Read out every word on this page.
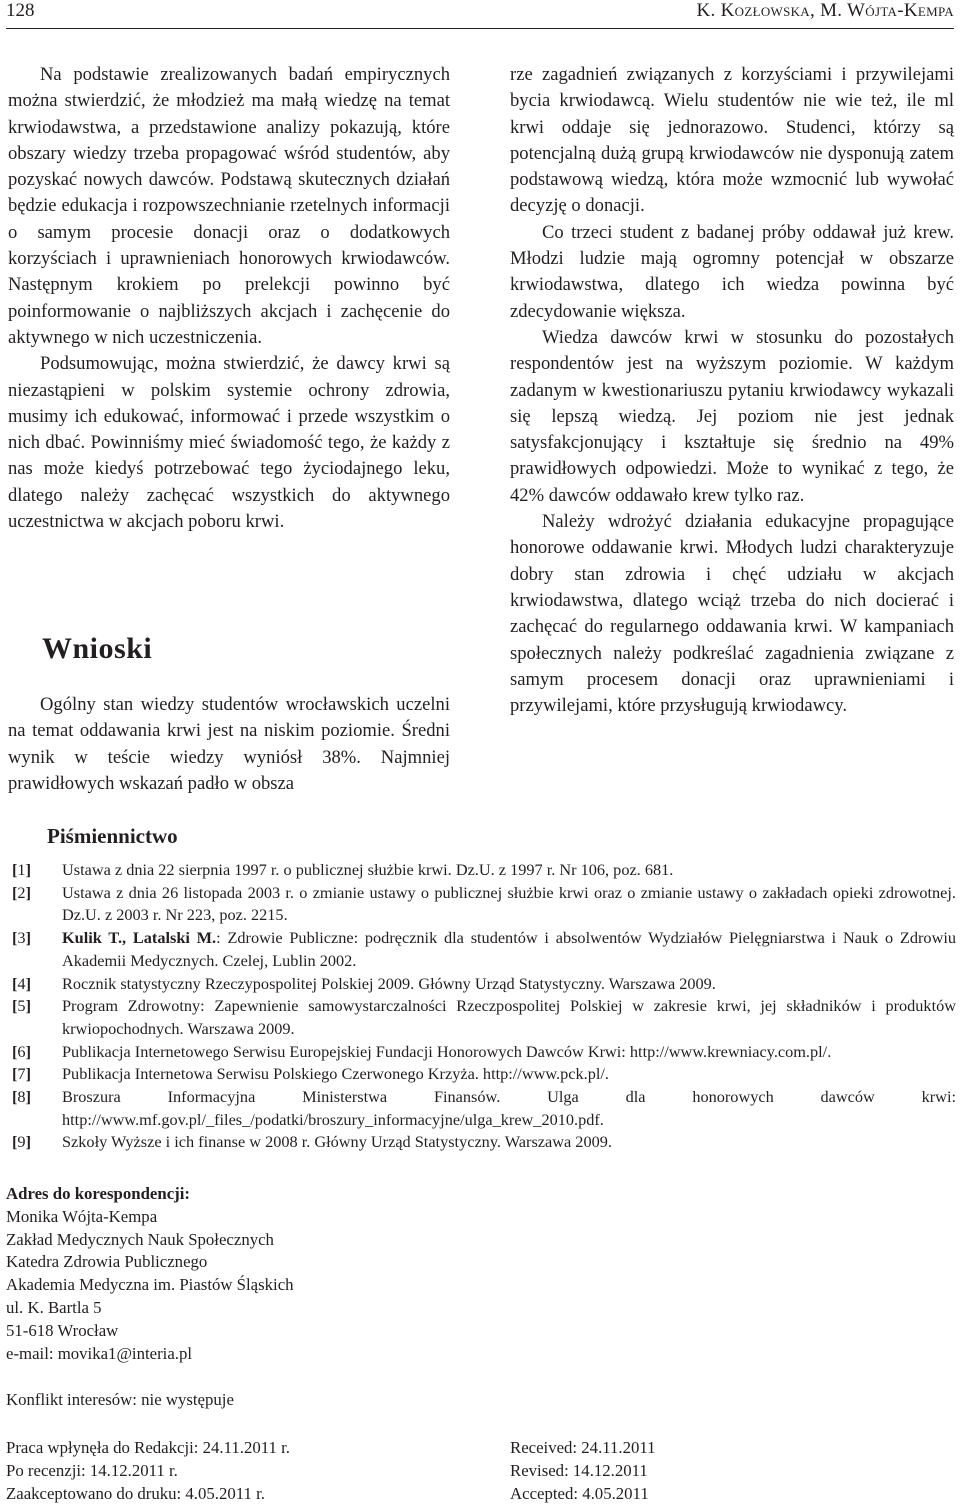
128	K. Kozłowska, M. Wójta-Kempa

Na podstawie zrealizowanych badań empirycznych można stwierdzić, że młodzież ma małą wiedzę na temat krwiodawstwa, a przedstawione analizy pokazują, które obszary wiedzy trzeba propagować wśród studentów, aby pozyskać nowych dawców. Podstawą skutecznych działań będzie edukacja i rozpowszechnianie rzetelnych informacji o samym procesie donacji oraz o dodatkowych korzyściach i uprawnieniach honorowych krwiodawców. Następnym krokiem po prelekcji powinno być poinformowanie o najbliższych akcjach i zachęcenie do aktywnego w nich uczestniczenia.

Podsumowując, można stwierdzić, że dawcy krwi są niezastąpieni w polskim systemie ochrony zdrowia, musimy ich edukować, informować i przede wszystkim o nich dbać. Powinniśmy mieć świadomość tego, że każdy z nas może kiedyś potrzebować tego życiodajnego leku, dlatego należy zachęcać wszystkich do aktywnego uczestnictwa w akcjach poboru krwi.

Wnioski

Ogólny stan wiedzy studentów wrocławskich uczelni na temat oddawania krwi jest na niskim poziomie. Średni wynik w teście wiedzy wyniósł 38%. Najmniej prawidłowych wskazań padło w obsza

rze zagadnień związanych z korzyściami i przywilejami bycia krwiodawcą. Wielu studentów nie wie też, ile ml krwi oddaje się jednorazowo. Studenci, którzy są potencjalną dużą grupą krwiodawców nie dysponują zatem podstawową wiedzą, która może wzmocnić lub wywołać decyzję o donacji.

Co trzeci student z badanej próby oddawał już krew. Młodzi ludzie mają ogromny potencjał w obszarze krwiodawstwa, dlatego ich wiedza powinna być zdecydowanie większa.

Wiedza dawców krwi w stosunku do pozostałych respondentów jest na wyższym poziomie. W każdym zadanym w kwestionariuszu pytaniu krwiodawcy wykazali się lepszą wiedzą. Jej poziom nie jest jednak satysfakcjonujący i kształtuje się średnio na 49% prawidłowych odpowiedzi. Może to wynikać z tego, że 42% dawców oddawało krew tylko raz.

Należy wdrożyć działania edukacyjne propagujące honorowe oddawanie krwi. Młodych ludzi charakteryzuje dobry stan zdrowia i chęć udziału w akcjach krwiodawstwa, dlatego wciąż trzeba do nich docierać i zachęcać do regularnego oddawania krwi. W kampaniach społecznych należy podkreślać zagadnienia związane z samym procesem donacji oraz uprawnieniami i przywilejami, które przysługują krwiodawcy.

Piśmiennictwo
[1] Ustawa z dnia 22 sierpnia 1997 r. o publicznej służbie krwi. Dz.U. z 1997 r. Nr 106, poz. 681.
[2] Ustawa z dnia 26 listopada 2003 r. o zmianie ustawy o publicznej służbie krwi oraz o zmianie ustawy o zakładach opieki zdrowotnej. Dz.U. z 2003 r. Nr 223, poz. 2215.
[3] Kulik T., Latalski M.: Zdrowie Publiczne: podręcznik dla studentów i absolwentów Wydziałów Pielęgniarstwa i Nauk o Zdrowiu Akademii Medycznych. Czelej, Lublin 2002.
[4] Rocznik statystyczny Rzeczypospolitej Polskiej 2009. Główny Urząd Statystyczny. Warszawa 2009.
[5] Program Zdrowotny: Zapewnienie samowystarczalności Rzeczpospolitej Polskiej w zakresie krwi, jej składników i produktów krwiopochodnych. Warszawa 2009.
[6] Publikacja Internetowego Serwisu Europejskiej Fundacji Honorowych Dawców Krwi: http://www.krewniacy.com.pl/.
[7] Publikacja Internetowa Serwisu Polskiego Czerwonego Krzyża. http://www.pck.pl/.
[8] Broszura Informacyjna Ministerstwa Finansów. Ulga dla honorowych dawców krwi: http://www.mf.gov.pl/_files_/podatki/broszury_informacyjne/ulga_krew_2010.pdf.
[9] Szkoły Wyższe i ich finanse w 2008 r. Główny Urząd Statystyczny. Warszawa 2009.
Adres do korespondencji:
Monika Wójta-Kempa
Zakład Medycznych Nauk Społecznych
Katedra Zdrowia Publicznego
Akademia Medyczna im. Piastów Śląskich
ul. K. Bartla 5
51-618 Wrocław
e-mail: movika1@interia.pl
Konflikt interesów: nie występuje
Praca wpłynęła do Redakcji: 24.11.2011 r.
Po recenzji: 14.12.2011 r.
Zaakceptowano do druku: 4.05.2011 r.
Received: 24.11.2011
Revised: 14.12.2011
Accepted: 4.05.2011
